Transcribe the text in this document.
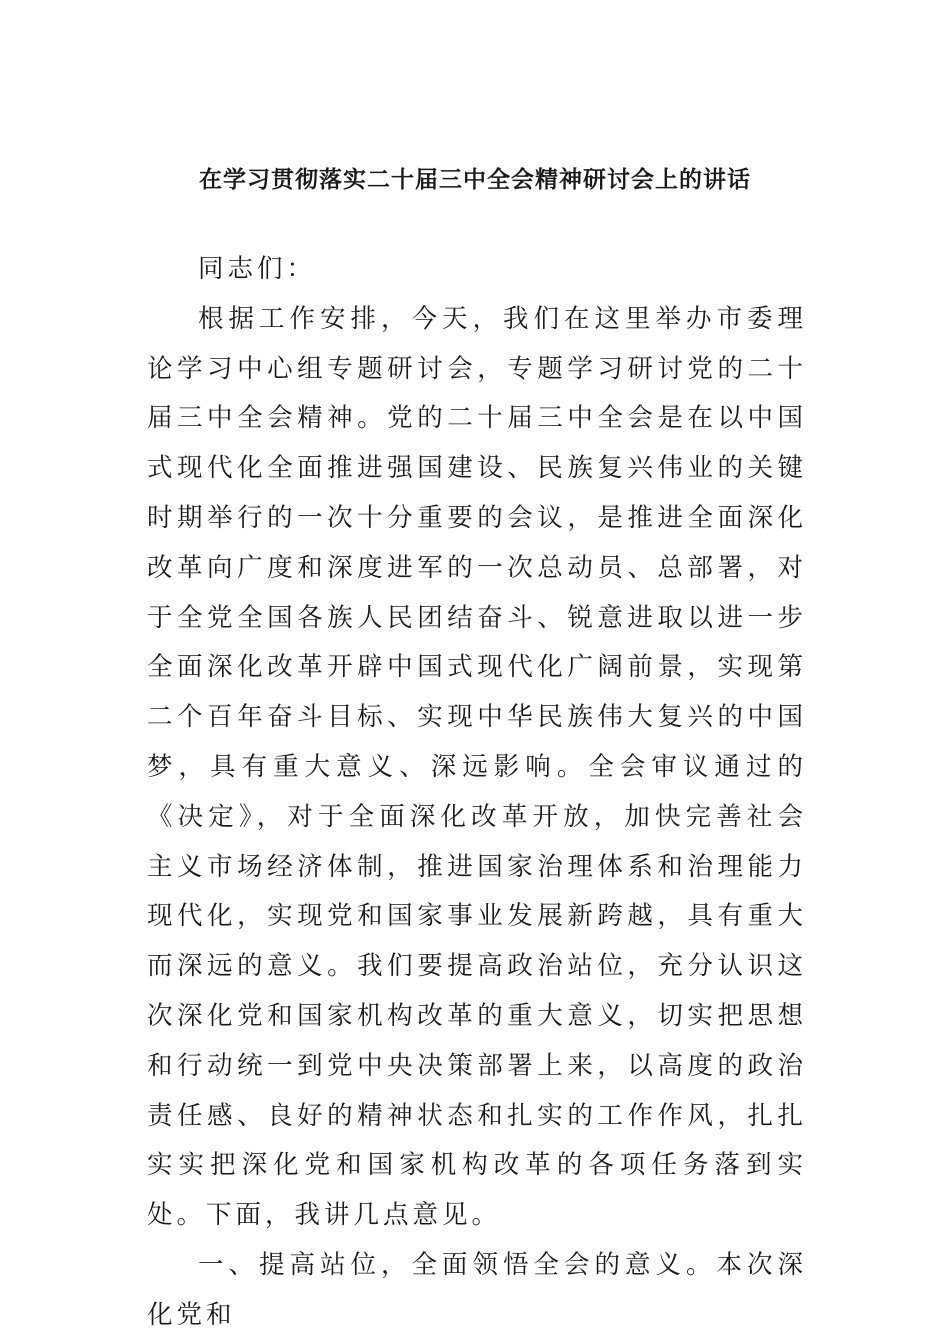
在学习贯彻落实二十届三中全会精神研讨会上的讲话

同志们：

根据工作安排，今天，我们在这里举办市委理论学习中心组专题研讨会，专题学习研讨党的二十届三中全会精神。党的二十届三中全会是在以中国式现代化全面推进强国建设、民族复兴伟业的关键时期举行的一次十分重要的会议，是推进全面深化改革向广度和深度进军的一次总动员、总部署，对于全党全国各族人民团结奋斗、锐意进取以进一步全面深化改革开辟中国式现代化广阔前景，实现第二个百年奋斗目标、实现中华民族伟大复兴的中国梦，具有重大意义、深远影响。全会审议通过的《决定》，对于全面深化改革开放，加快完善社会主义市场经济体制，推进国家治理体系和治理能力现代化，实现党和国家事业发展新跨越，具有重大而深远的意义。我们要提高政治站位，充分认识这次深化党和国家机构改革的重大意义，切实把思想和行动统一到党中央决策部署上来，以高度的政治责任感、良好的精神状态和扎实的工作作风，扎扎实实把深化党和国家机构改革的各项任务落到实处。下面，我讲几点意见。

一、提高站位，全面领悟全会的意义。本次深化党和
